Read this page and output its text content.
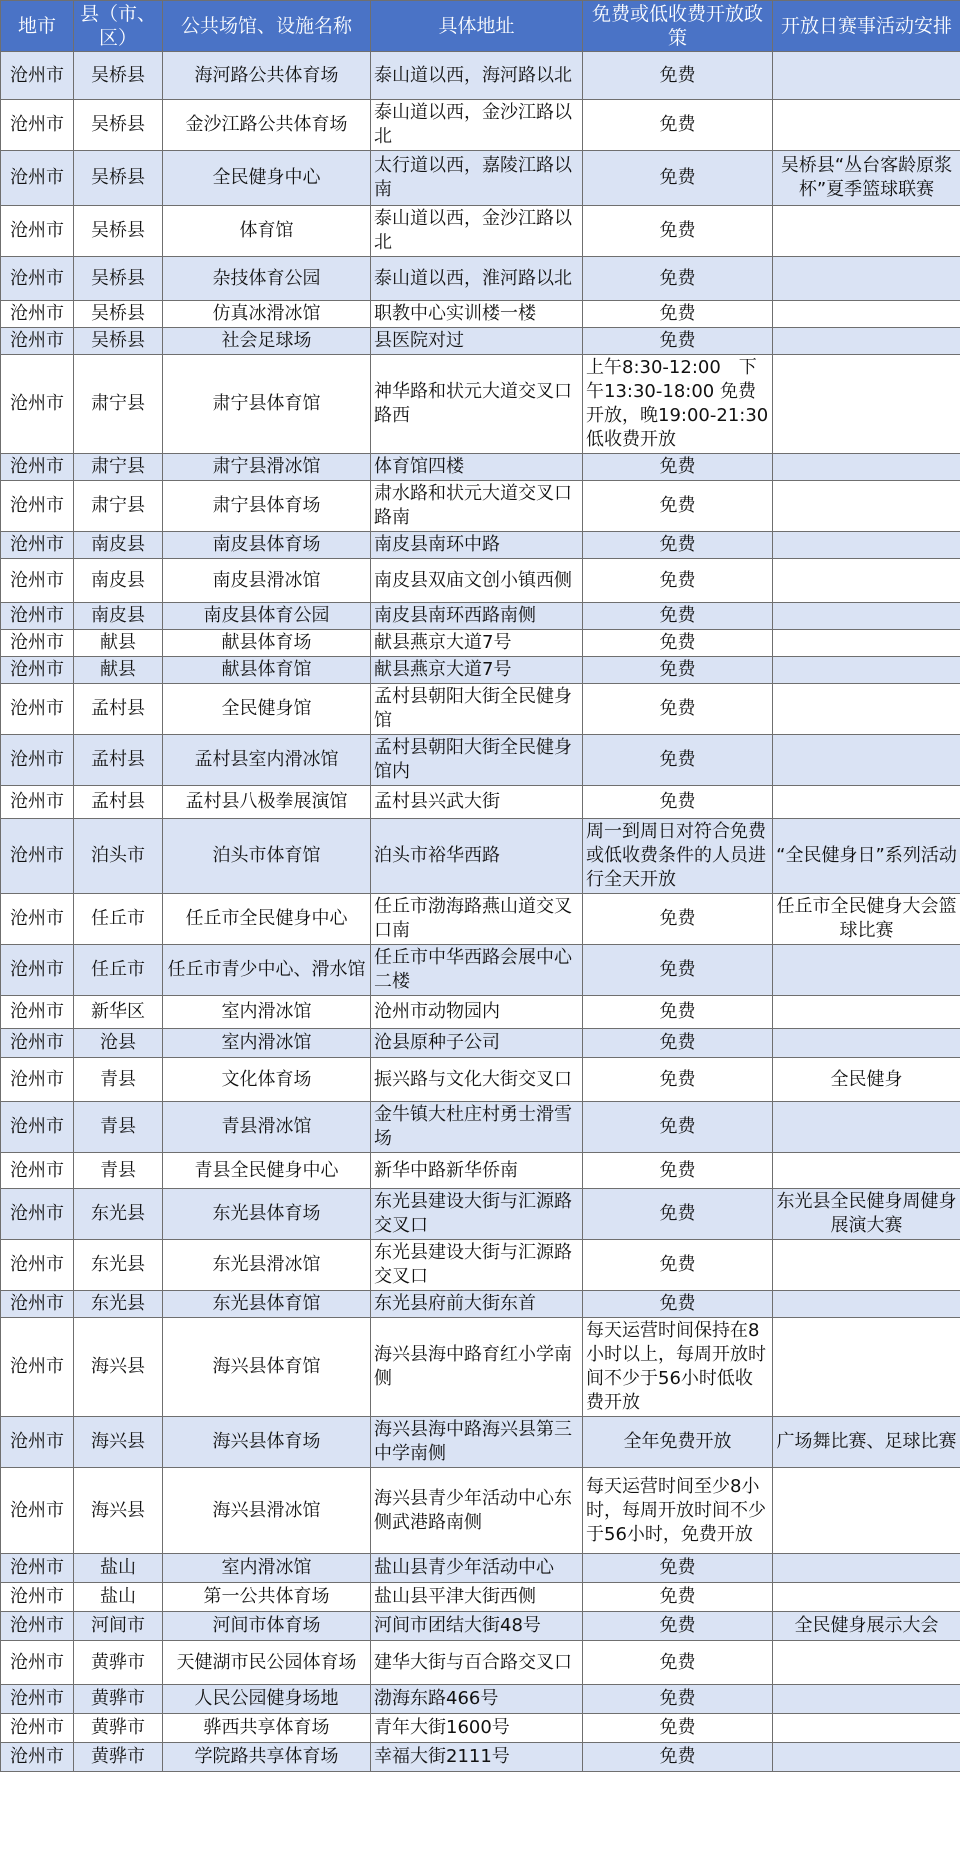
地市	县（市、区）	公共场馆、设施名称	具体地址	免费或低收费开放政策	开放日赛事活动安排
沧州市	吴桥县	海河路公共体育场	泰山道以西，海河路以北	免费	
沧州市	吴桥县	金沙江路公共体育场	泰山道以西，金沙江路以北	免费	
沧州市	吴桥县	全民健身中心	太行道以西，嘉陵江路以南	免费	吴桥县“丛台客龄原浆杯”夏季篮球联赛
沧州市	吴桥县	体育馆	泰山道以西，金沙江路以北	免费	
沧州市	吴桥县	杂技体育公园	泰山道以西，淮河路以北	免费	
沧州市	吴桥县	仿真冰滑冰馆	职教中心实训楼一楼	免费	
沧州市	吴桥县	社会足球场	县医院对过	免费	
沧州市	肃宁县	肃宁县体育馆	神华路和状元大道交叉口路西	上午8:30-12:00　下午13:30-18:00 免费开放，晚19:00-21:30低收费开放	
沧州市	肃宁县	肃宁县滑冰馆	体育馆四楼	免费	
沧州市	肃宁县	肃宁县体育场	肃水路和状元大道交叉口路南	免费	
沧州市	南皮县	南皮县体育场	南皮县南环中路	免费	
沧州市	南皮县	南皮县滑冰馆	南皮县双庙文创小镇西侧	免费	
沧州市	南皮县	南皮县体育公园	南皮县南环西路南侧	免费	
沧州市	献县	献县体育场	献县燕京大道7号	免费	
沧州市	献县	献县体育馆	献县燕京大道7号	免费	
沧州市	孟村县	全民健身馆	孟村县朝阳大街全民健身馆	免费	
沧州市	孟村县	孟村县室内滑冰馆	孟村县朝阳大街全民健身馆内	免费	
沧州市	孟村县	孟村县八极拳展演馆	孟村县兴武大街	免费	
沧州市	泊头市	泊头市体育馆	泊头市裕华西路	周一到周日对符合免费或低收费条件的人员进行全天开放	“全民健身日”系列活动
沧州市	任丘市	任丘市全民健身中心	任丘市渤海路燕山道交叉口南	免费	任丘市全民健身大会篮球比赛
沧州市	任丘市	任丘市青少中心、滑水馆	任丘市中华西路会展中心二楼	免费	
沧州市	新华区	室内滑冰馆	沧州市动物园内	免费	
沧州市	沧县	室内滑冰馆	沧县原种子公司	免费	
沧州市	青县	文化体育场	振兴路与文化大街交叉口	免费	全民健身
沧州市	青县	青县滑冰馆	金牛镇大杜庄村勇士滑雪场	免费	
沧州市	青县	青县全民健身中心	新华中路新华侨南	免费	
沧州市	东光县	东光县体育场	东光县建设大街与汇源路交叉口	免费	东光县全民健身周健身展演大赛
沧州市	东光县	东光县滑冰馆	东光县建设大街与汇源路交叉口	免费	
沧州市	东光县	东光县体育馆	东光县府前大街东首	免费	
沧州市	海兴县	海兴县体育馆	海兴县海中路育红小学南侧	每天运营时间保持在8小时以上，每周开放时间不少于56小时低收费开放	
沧州市	海兴县	海兴县体育场	海兴县海中路海兴县第三中学南侧	全年免费开放	广场舞比赛、足球比赛
沧州市	海兴县	海兴县滑冰馆	海兴县青少年活动中心东侧武港路南侧	每天运营时间至少8小时，每周开放时间不少于56小时，免费开放	
沧州市	盐山	室内滑冰馆	盐山县青少年活动中心	免费	
沧州市	盐山	第一公共体育场	盐山县平津大街西侧	免费	
沧州市	河间市	河间市体育场	河间市团结大街48号	免费	全民健身展示大会
沧州市	黄骅市	天健湖市民公园体育场	建华大街与百合路交叉口	免费	
沧州市	黄骅市	人民公园健身场地	渤海东路466号	免费	
沧州市	黄骅市	骅西共享体育场	青年大街1600号	免费	
沧州市	黄骅市	学院路共享体育场	幸福大街2111号	免费	
